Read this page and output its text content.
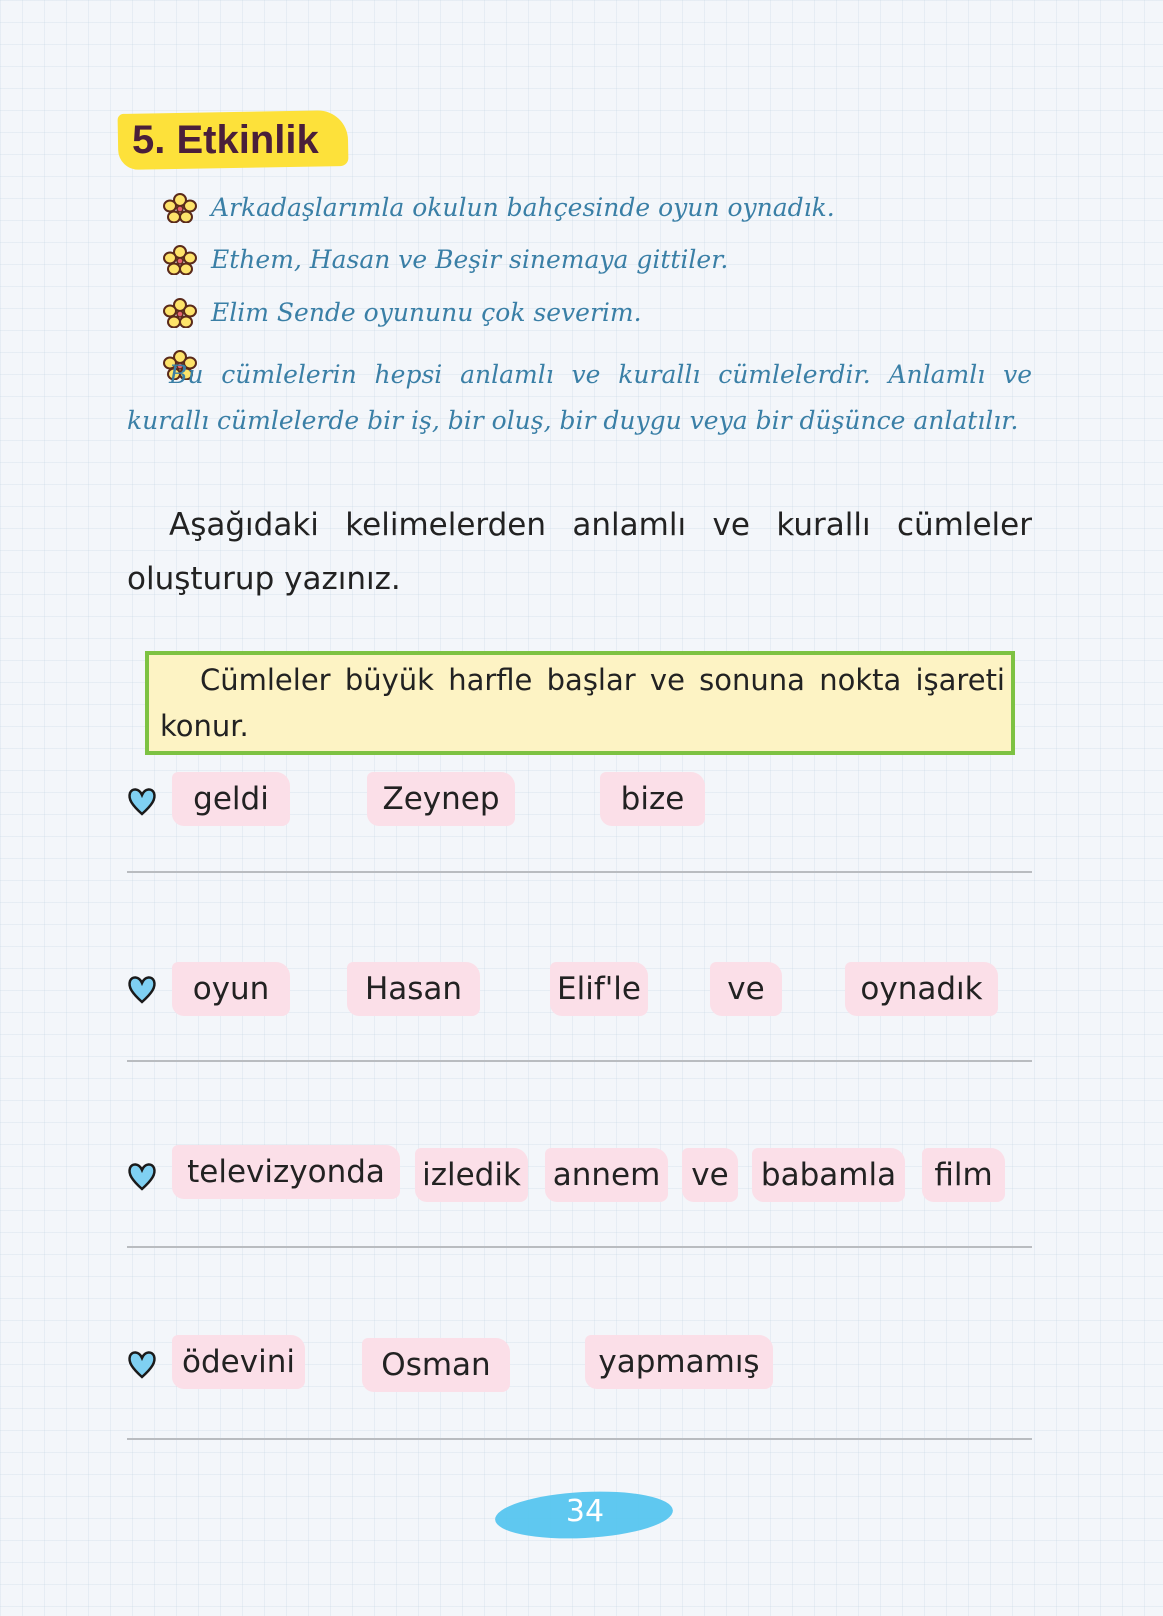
5. Etkinlik
Arkadaşlarımla okulun bahçesinde oyun oynadık.
Ethem, Hasan ve Beşir sinemaya gittiler.
Elim Sende oyununu çok severim.
Bu cümlelerin hepsi anlamlı ve kurallı cümlelerdir. Anlamlı ve kurallı cümlelerde bir iş, bir oluş, bir duygu veya bir düşünce anlatılır.
Aşağıdaki kelimelerden anlamlı ve kurallı cümleler oluşturup yazınız.
Cümleler büyük harfle başlar ve sonuna nokta işareti konur.
geldi	Zeynep	bize
oyun	Hasan	Elif'le	ve	oynadık
televizyonda	izledik annem ve babamla	film
ödevini	Osman	yapmamış
34
